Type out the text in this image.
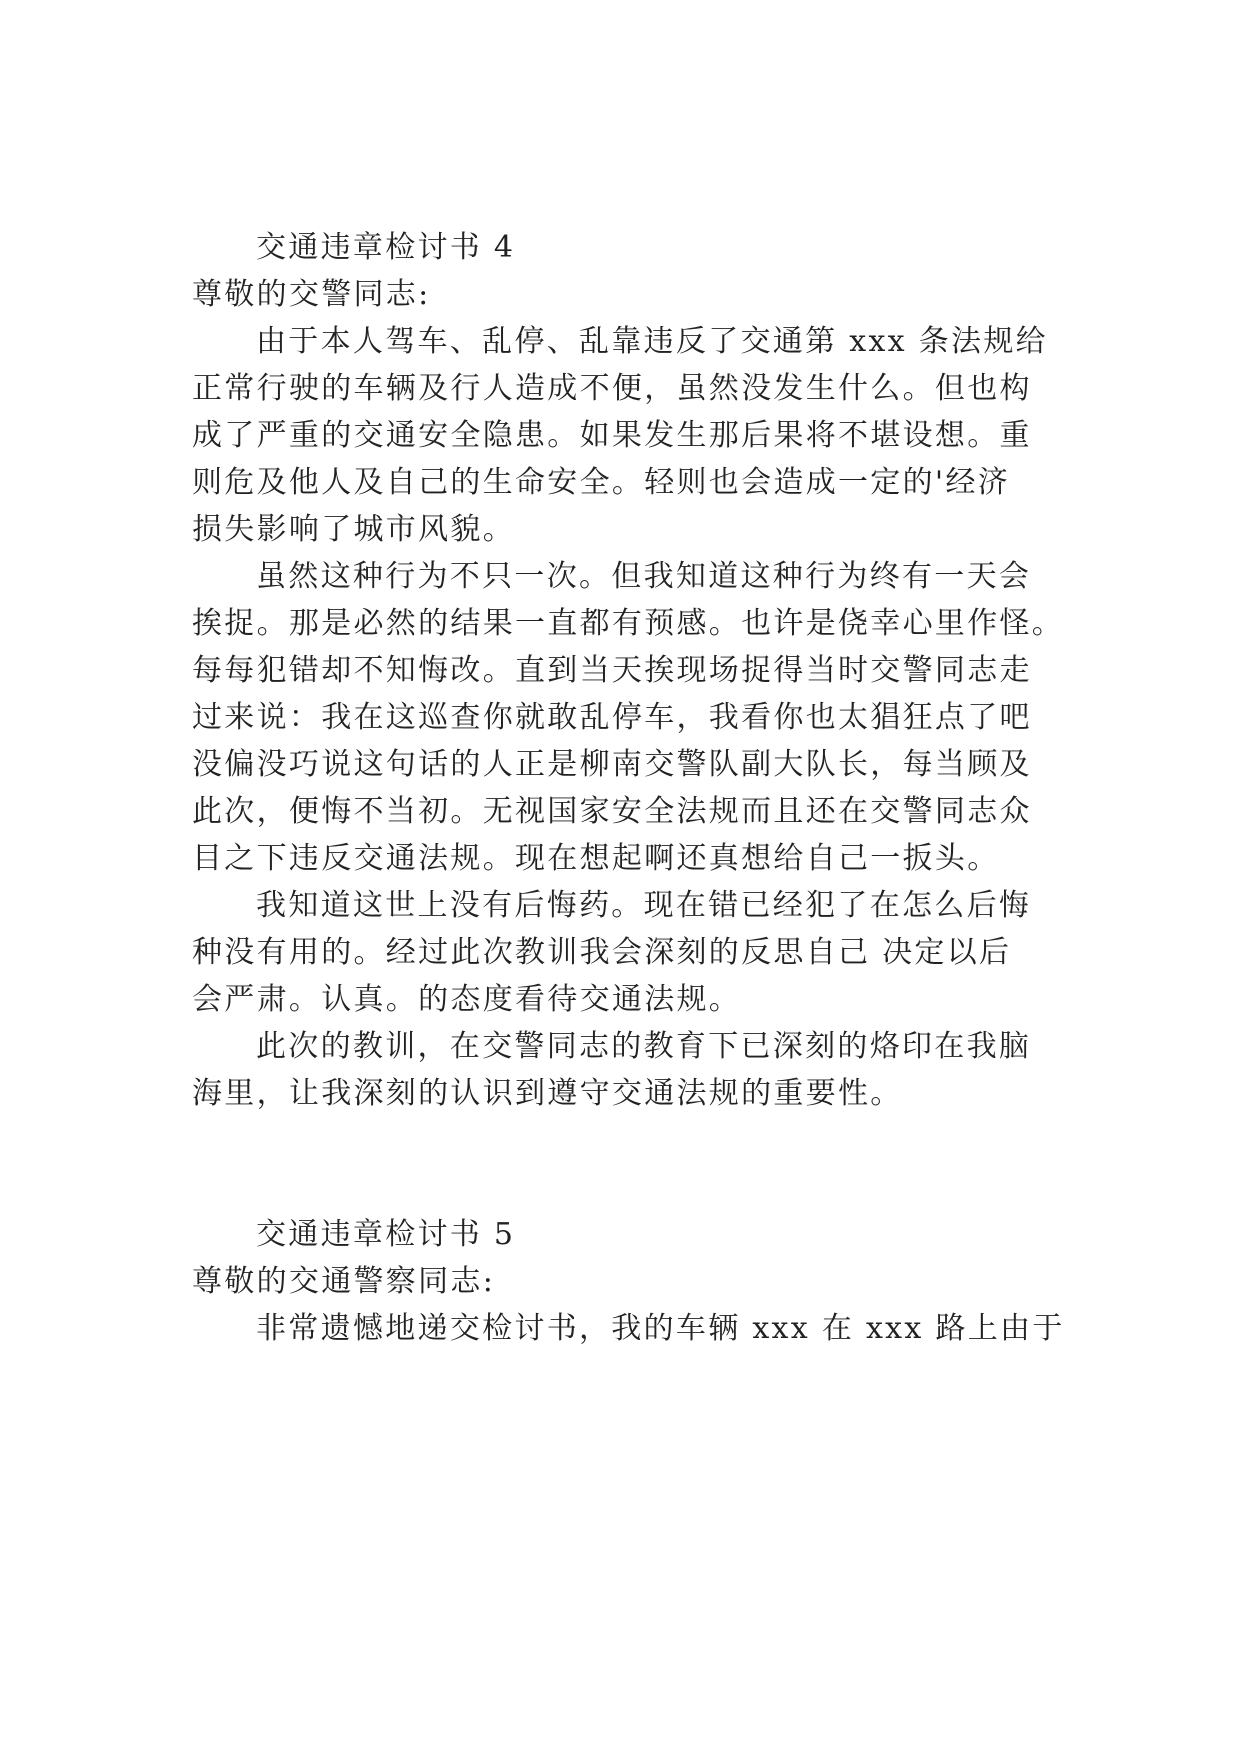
交通违章检讨书 4
尊敬的交警同志:
由于本人驾车、乱停、乱靠违反了交通第 xxx 条法规给
正常行驶的车辆及行人造成不便，虽然没发生什么。但也构
成了严重的交通安全隐患。如果发生那后果将不堪设想。重
则危及他人及自己的生命安全。轻则也会造成一定的'经济
损失影响了城市风貌。
虽然这种行为不只一次。但我知道这种行为终有一天会
挨捉。那是必然的结果一直都有预感。也许是侥幸心里作怪。
每每犯错却不知悔改。直到当天挨现场捉得当时交警同志走
过来说：我在这巡查你就敢乱停车，我看你也太猖狂点了吧
没偏没巧说这句话的人正是柳南交警队副大队长，每当顾及
此次，便悔不当初。无视国家安全法规而且还在交警同志众
目之下违反交通法规。现在想起啊还真想给自己一扳头。
我知道这世上没有后悔药。现在错已经犯了在怎么后悔
种没有用的。经过此次教训我会深刻的反思自己 决定以后
会严肃。认真。的态度看待交通法规。
此次的教训，在交警同志的教育下已深刻的烙印在我脑
海里，让我深刻的认识到遵守交通法规的重要性。
交通违章检讨书 5
尊敬的交通警察同志:
非常遗憾地递交检讨书，我的车辆 xxx 在 xxx 路上由于
